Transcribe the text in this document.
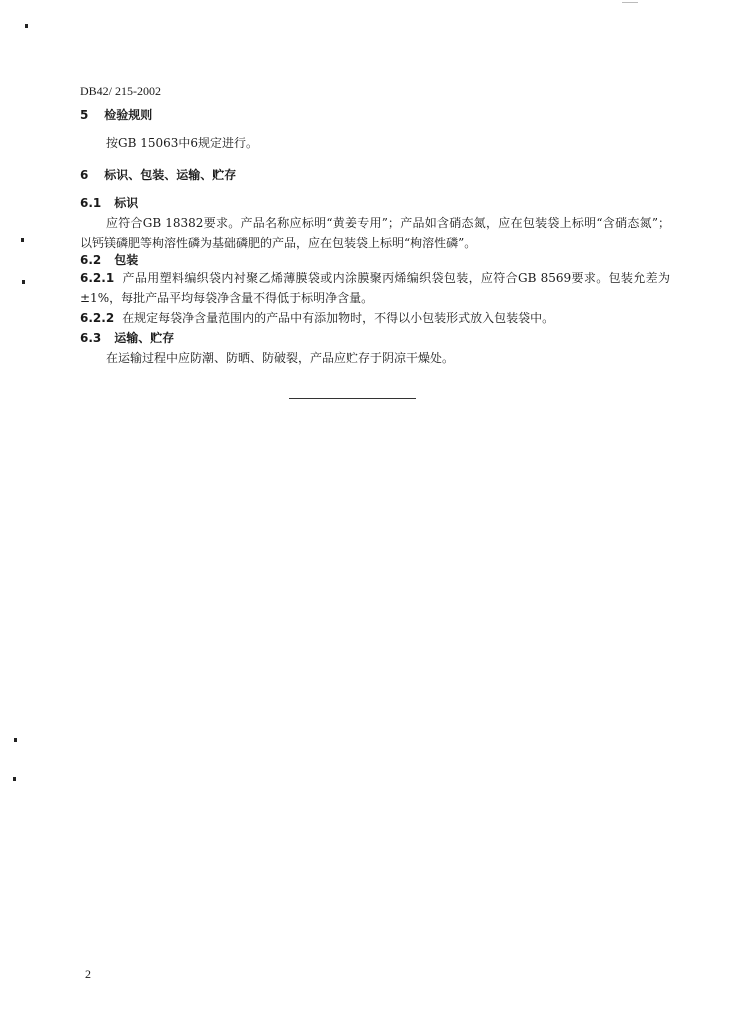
DB42/ 215-2002
5 检验规则
按GB 15063中6规定进行。
6 标识、包装、运输、贮存
6.1 标识
应符合GB 18382要求。产品名称应标明“黄姜专用”；产品如含硝态氮，应在包装袋上标明“含硝态氮”；以钙镁磷肥等枸溶性磷为基础磷肥的产品，应在包装袋上标明“枸溶性磷”。
6.2 包装
6.2.1 产品用塑料编织袋内衬聚乙烯薄膜袋或内涂膜聚丙烯编织袋包装，应符合GB 8569要求。包装允差为±1%，每批产品平均每袋净含量不得低于标明净含量。
6.2.2 在规定每袋净含量范围内的产品中有添加物时，不得以小包装形式放入包装袋中。
6.3 运输、贮存
在运输过程中应防潮、防晒、防破裂，产品应贮存于阴凉干燥处。
2
